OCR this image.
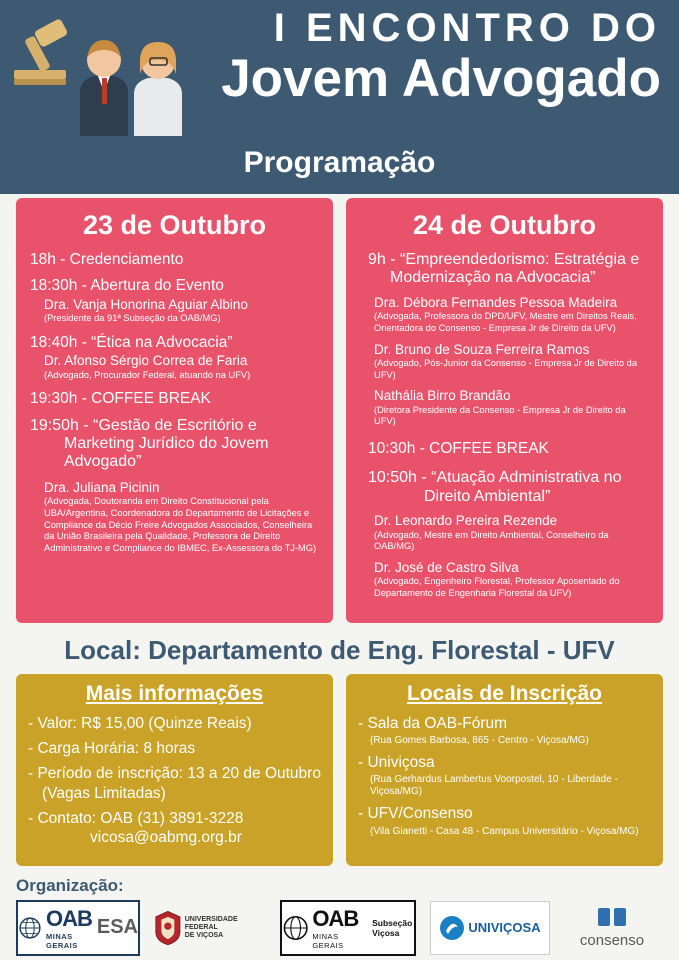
I ENCONTRO DO
Jovem Advogado
Programação
23 de Outubro
18h - Credenciamento
18:30h - Abertura do Evento
Dra. Vanja Honorina Aguiar Albino
(Presidente da 91ª Subseção da OAB/MG)
18:40h - “Ética na Advocacia”
Dr. Afonso Sérgio Correa de Faria
(Advogado, Procurador Federal, atuando na UFV)
19:30h - COFFEE BREAK
19:50h - “Gestão de Escritório e Marketing Jurídico do Jovem Advogado”
Dra. Juliana Picinin
(Advogada, Doutoranda em Direito Constitucional pela UBA/Argentina, Coordenadora do Departamento de Licitações e Compliance da Décio Freire Advogados Associados, Conselheira da União Brasileira pela Qualidade, Professora de Direito Administrativo e Compliance do IBMEC, Ex-Assessora do TJ-MG)
24 de Outubro
9h - “Empreendedorismo: Estratégia e Modernização na Advocacia”
Dra. Débora Fernandes Pessoa Madeira
(Advogada, Professora do DPD/UFV, Mestre em Direitos Reais, Orientadora do Consenso - Empresa Jr de Direito da UFV)
Dr. Bruno de Souza Ferreira Ramos
(Advogado, Pós-Junior da Consenso - Empresa Jr de Direito da UFV)
Nathália Birro Brandão
(Diretora Presidente da Consenso - Empresa Jr de Direito da UFV)
10:30h - COFFEE BREAK
10:50h - “Atuação Administrativa no Direito Ambiental”
Dr. Leonardo Pereira Rezende
(Advogado, Mestre em Direito Ambiental, Conselheiro da OAB/MG)
Dr. José de Castro Silva
(Advogado, Engenheiro Florestal, Professor Aposentado do Departamento de Engenharia Florestal da UFV)
Local: Departamento de Eng. Florestal - UFV
Mais informações
- Valor: R$ 15,00 (Quinze Reais)
- Carga Horária: 8 horas
- Período de inscrição: 13 a 20 de Outubro (Vagas Limitadas)
- Contato: OAB (31) 3891-3228
vicosa@oabmg.org.br
Locais de Inscrição
- Sala da OAB-Fórum
(Rua Gomes Barbosa, 865 - Centro - Viçosa/MG)
- Univiçosa
(Rua Gerhardus Lambertus Voorpostel, 10 - Liberdade - Viçosa/MG)
- UFV/Consenso
(Vila Gianetti - Casa 48 - Campus Universitário - Viçosa/MG)
Organização:
OAB
MINAS GERAIS
ESA	UNIVERSIDADE FEDERAL
DE VIÇOSA
OAB
MINAS GERAIS
Subseção Viçosa	UNIVIÇOSA
consenso
